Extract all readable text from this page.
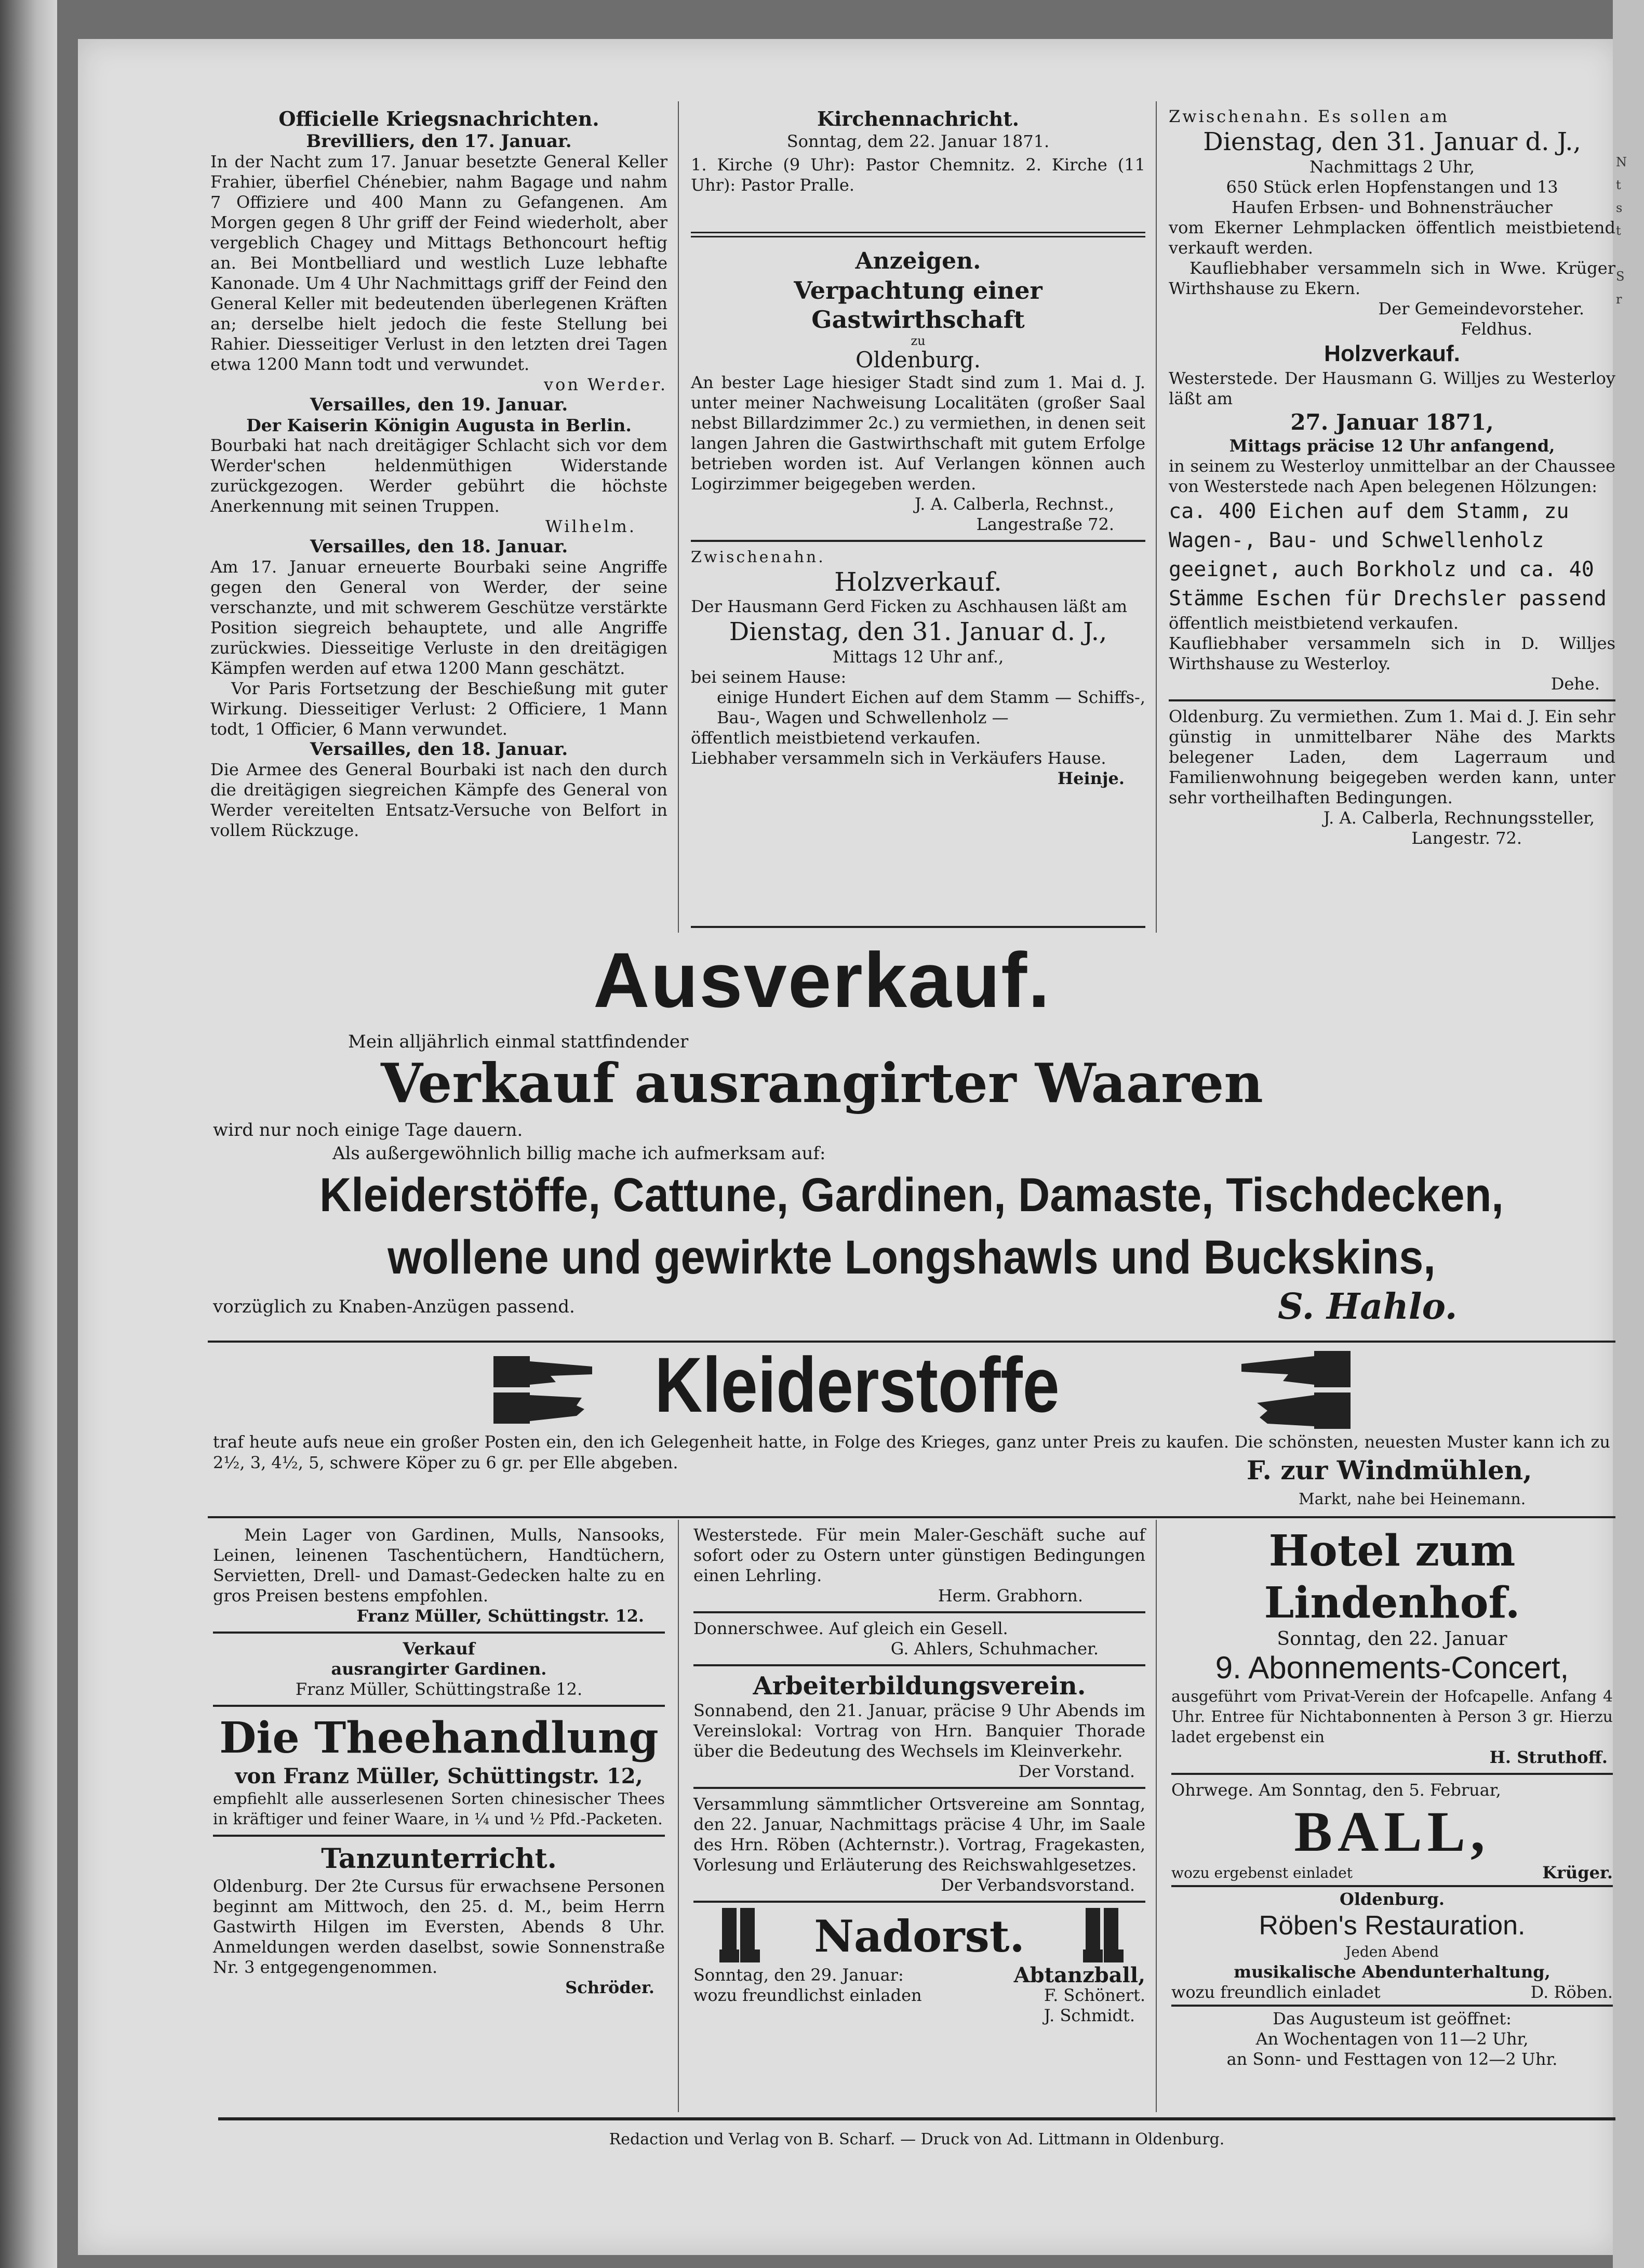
N
t
s
t

S
r
Officielle Kriegsnachrichten.
Brevilliers, den 17. Januar.
In der Nacht zum 17. Januar besetzte General Keller Frahier, überfiel Chénebier, nahm Bagage und nahm 7 Offiziere und 400 Mann zu Gefangenen. Am Morgen gegen 8 Uhr griff der Feind wiederholt, aber vergeblich Chagey und Mittags Bethoncourt heftig an. Bei Montbelliard und westlich Luze lebhafte Kanonade. Um 4 Uhr Nachmittags griff der Feind den General Keller mit bedeutenden überlegenen Kräften an; derselbe hielt jedoch die feste Stellung bei Rahier. Diesseitiger Verlust in den letzten drei Tagen etwa 1200 Mann todt und verwundet.
von Werder.
Versailles, den 19. Januar.
Der Kaiserin Königin Augusta in Berlin.
Bourbaki hat nach dreitägiger Schlacht sich vor dem Werder'schen heldenmüthigen Widerstande zurückgezogen. Werder gebührt die höchste Anerkennung mit seinen Truppen.
Wilhelm.
Versailles, den 18. Januar.
Am 17. Januar erneuerte Bourbaki seine Angriffe gegen den General von Werder, der seine verschanzte, und mit schwerem Geschütze verstärkte Position siegreich behauptete, und alle Angriffe zurückwies. Diesseitige Verluste in den dreitägigen Kämpfen werden auf etwa 1200 Mann geschätzt.
Vor Paris Fortsetzung der Beschießung mit guter Wirkung. Diesseitiger Verlust: 2 Officiere, 1 Mann todt, 1 Officier, 6 Mann verwundet.
Versailles, den 18. Januar.
Die Armee des General Bourbaki ist nach den durch die dreitägigen siegreichen Kämpfe des General von Werder vereitelten Entsatz-Versuche von Belfort in vollem Rückzuge.
Kirchennachricht.
Sonntag, dem 22. Januar 1871.
1. Kirche (9 Uhr): Pastor Chemnitz. 2. Kirche (11 Uhr): Pastor Pralle.
Anzeigen.
Verpachtung einer Gastwirthschaft
zu
Oldenburg.
An bester Lage hiesiger Stadt sind zum 1. Mai d. J. unter meiner Nachweisung Localitäten (großer Saal nebst Billardzimmer 2c.) zu vermiethen, in denen seit langen Jahren die Gastwirthschaft mit gutem Erfolge betrieben worden ist. Auf Verlangen können auch Logirzimmer beigegeben werden.
J. A. Calberla, Rechnst.,
Langestraße 72.
Zwischenahn.
Holzverkauf.
Der Hausmann Gerd Ficken zu Aschhausen läßt am
Dienstag, den 31. Januar d. J.,
Mittags 12 Uhr anf.,
bei seinem Hause:
einige Hundert Eichen auf dem Stamm — Schiffs-, Bau-, Wagen und Schwellenholz —
öffentlich meistbietend verkaufen.
Liebhaber versammeln sich in Verkäufers Hause.
Heinje.
Zwischenahn. Es sollen am
Dienstag, den 31. Januar d. J.,
Nachmittags 2 Uhr,
650 Stück erlen Hopfenstangen und 13 Haufen Erbsen- und Bohnensträucher
vom Ekerner Lehmplacken öffentlich meistbietend verkauft werden.
Kaufliebhaber versammeln sich in Wwe. Krüger Wirthshause zu Ekern.
Der Gemeindevorsteher.
Feldhus.
Holzverkauf.
Westerstede. Der Hausmann G. Willjes zu Westerloy läßt am
27. Januar 1871,
Mittags präcise 12 Uhr anfangend,
in seinem zu Westerloy unmittelbar an der Chaussee von Westerstede nach Apen belegenen Hölzungen:
ca. 400 Eichen auf dem Stamm, zu Wagen-, Bau- und Schwellenholz geeignet, auch Borkholz und ca. 40 Stämme Eschen für Drechsler passend
öffentlich meistbietend verkaufen.
Kaufliebhaber versammeln sich in D. Willjes Wirthshause zu Westerloy.
Dehe.
Oldenburg. Zu vermiethen. Zum 1. Mai d. J. Ein sehr günstig in unmittelbarer Nähe des Markts belegener Laden, dem Lagerraum und Familienwohnung beigegeben werden kann, unter sehr vortheilhaften Bedingungen.
J. A. Calberla, Rechnungssteller,
Langestr. 72.
Ausverkauf.
Mein alljährlich einmal stattfindender
Verkauf ausrangirter Waaren
wird nur noch einige Tage dauern.
Als außergewöhnlich billig mache ich aufmerksam auf:
Kleiderstöffe, Cattune, Gardinen, Damaste, Tischdecken,
wollene und gewirkte Longshawls und Buckskins,
vorzüglich zu Knaben-Anzügen passend.	S. Hahlo.
Kleiderstoffe
traf heute aufs neue ein großer Posten ein, den ich Gelegenheit hatte, in Folge des Krieges, ganz unter Preis zu kaufen. Die schönsten, neuesten Muster kann ich zu 2½, 3, 4½, 5, schwere Köper zu 6 gr. per Elle abgeben.	F. zur Windmühlen,
Markt, nahe bei Heinemann.
Mein Lager von Gardinen, Mulls, Nansooks, Leinen, leinenen Taschentüchern, Handtüchern, Servietten, Drell- und Damast-Gedecken halte zu en gros Preisen bestens empfohlen.
Franz Müller, Schüttingstr. 12.
Verkauf
ausrangirter Gardinen.
Franz Müller, Schüttingstraße 12.
Die Theehandlung
von Franz Müller, Schüttingstr. 12,
empfiehlt alle ausserlesenen Sorten chinesischer Thees in kräftiger und feiner Waare, in ¼ und ½ Pfd.-Packeten.
Tanzunterricht.
Oldenburg. Der 2te Cursus für erwachsene Personen beginnt am Mittwoch, den 25. d. M., beim Herrn Gastwirth Hilgen im Eversten, Abends 8 Uhr. Anmeldungen werden daselbst, sowie Sonnenstraße Nr. 3 entgegengenommen.
Schröder.
Westerstede. Für mein Maler-Geschäft suche auf sofort oder zu Ostern unter günstigen Bedingungen einen Lehrling.
Herm. Grabhorn.
Donnerschwee. Auf gleich ein Gesell.
G. Ahlers, Schuhmacher.
Arbeiterbildungsverein.
Sonnabend, den 21. Januar, präcise 9 Uhr Abends im Vereinslokal: Vortrag von Hrn. Banquier Thorade über die Bedeutung des Wechsels im Kleinverkehr.
Der Vorstand.
Versammlung sämmtlicher Ortsvereine am Sonntag, den 22. Januar, Nachmittags präcise 4 Uhr, im Saale des Hrn. Röben (Achternstr.). Vortrag, Fragekasten, Vorlesung und Erläuterung des Reichswahlgesetzes.
Der Verbandsvorstand.
Nadorst.
Sonntag, den 29. Januar:	Abtanzball,
wozu freundlichst einladen	F. Schönert.
J. Schmidt.
Hotel zum Lindenhof.
Sonntag, den 22. Januar
9. Abonnements-Concert,
ausgeführt vom Privat-Verein der Hofcapelle. Anfang 4 Uhr. Entree für Nichtabonnenten à Person 3 gr. Hierzu ladet ergebenst ein
H. Struthoff.
Ohrwege. Am Sonntag, den 5. Februar,
BALL,
wozu ergebenst einladet	Krüger.
Oldenburg.
Röben's Restauration.
Jeden Abend
musikalische Abendunterhaltung,
wozu freundlich einladet	D. Röben.
Das Augusteum ist geöffnet:
An Wochentagen von 11—2 Uhr,
an Sonn- und Festtagen von 12—2 Uhr.
Redaction und Verlag von B. Scharf. — Druck von Ad. Littmann in Oldenburg.
